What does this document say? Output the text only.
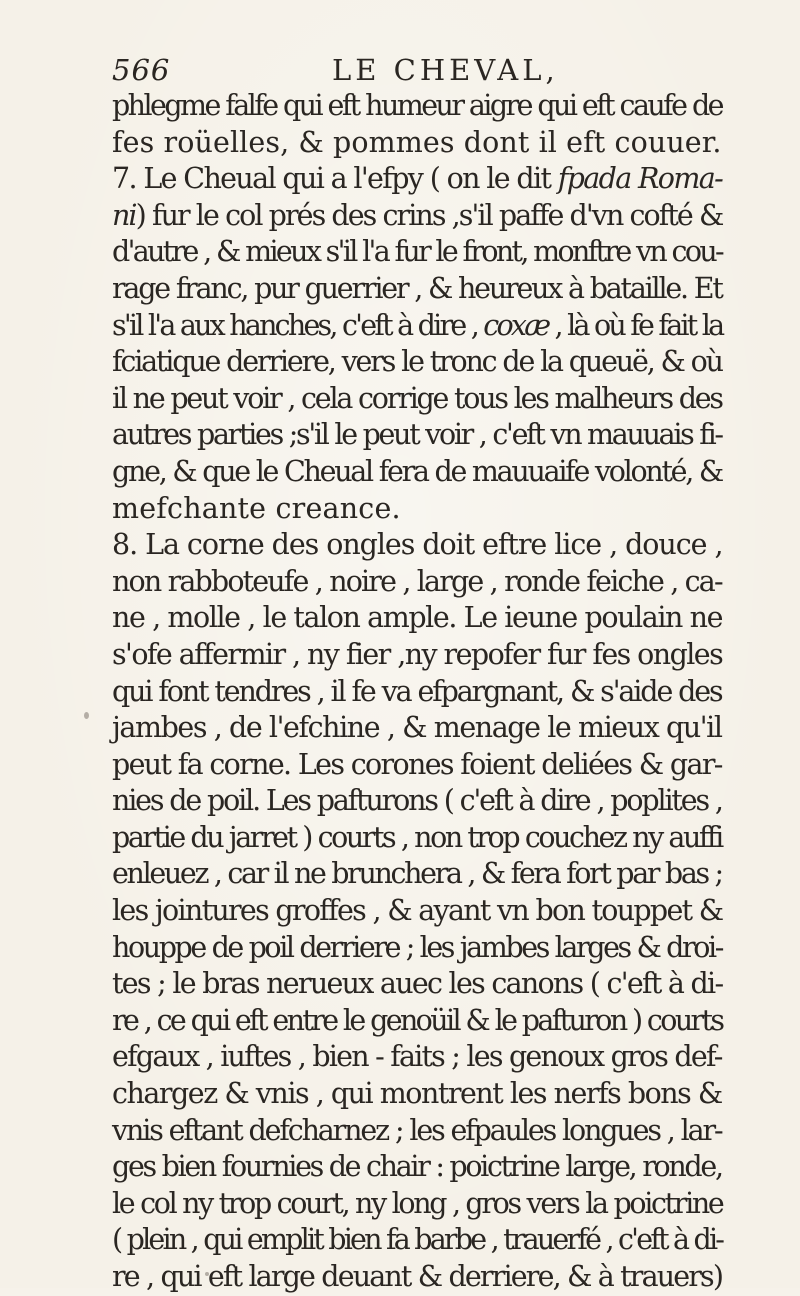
566	LE CHEVAL,
phlegme falfe qui eft humeur aigre qui eft caufe de
fes roüelles, & pommes dont il eft couuer.
7. Le Cheual qui a l'efpy ( on le dit fpada Roma-
ni) fur le col prés des crins ,s'il paffe d'vn cofté &
d'autre , & mieux s'il l'a fur le front, monftre vn cou-
rage franc, pur guerrier , & heureux à bataille. Et
s'il l'a aux hanches, c'eft à dire , coxæ , là où fe fait la
fciatique derriere, vers le tronc de la queuë, & où
il ne peut voir , cela corrige tous les malheurs des
autres parties ;s'il le peut voir , c'eft vn mauuais fi-
gne, & que le Cheual fera de mauuaife volonté, &
mefchante creance.
8. La corne des ongles doit eftre lice , douce ,
non rabboteufe , noire , large , ronde feiche , ca-
ne , molle , le talon ample. Le ieune poulain ne
s'ofe affermir , ny fier ,ny repofer fur fes ongles
qui font tendres , il fe va efpargnant, & s'aide des
jambes , de l'efchine , & menage le mieux qu'il
peut fa corne. Les corones foient deliées & gar-
nies de poil. Les pafturons ( c'eft à dire , poplites ,
partie du jarret ) courts , non trop couchez ny auffi
enleuez , car il ne brunchera , & fera fort par bas ;
les jointures groffes , & ayant vn bon touppet &
houppe de poil derriere ; les jambes larges & droi-
tes ; le bras nerueux auec les canons ( c'eft à di-
re , ce qui eft entre le genoüil & le pafturon ) courts
efgaux , iuftes , bien - faits ; les genoux gros def-
chargez & vnis , qui montrent les nerfs bons &
vnis eftant defcharnez ; les efpaules longues , lar-
ges bien fournies de chair : poictrine large, ronde,
le col ny trop court, ny long , gros vers la poictrine
( plein , qui emplit bien fa barbe , trauerfé , c'eft à di-
re , qui eft large deuant & derriere, & à trauers)
